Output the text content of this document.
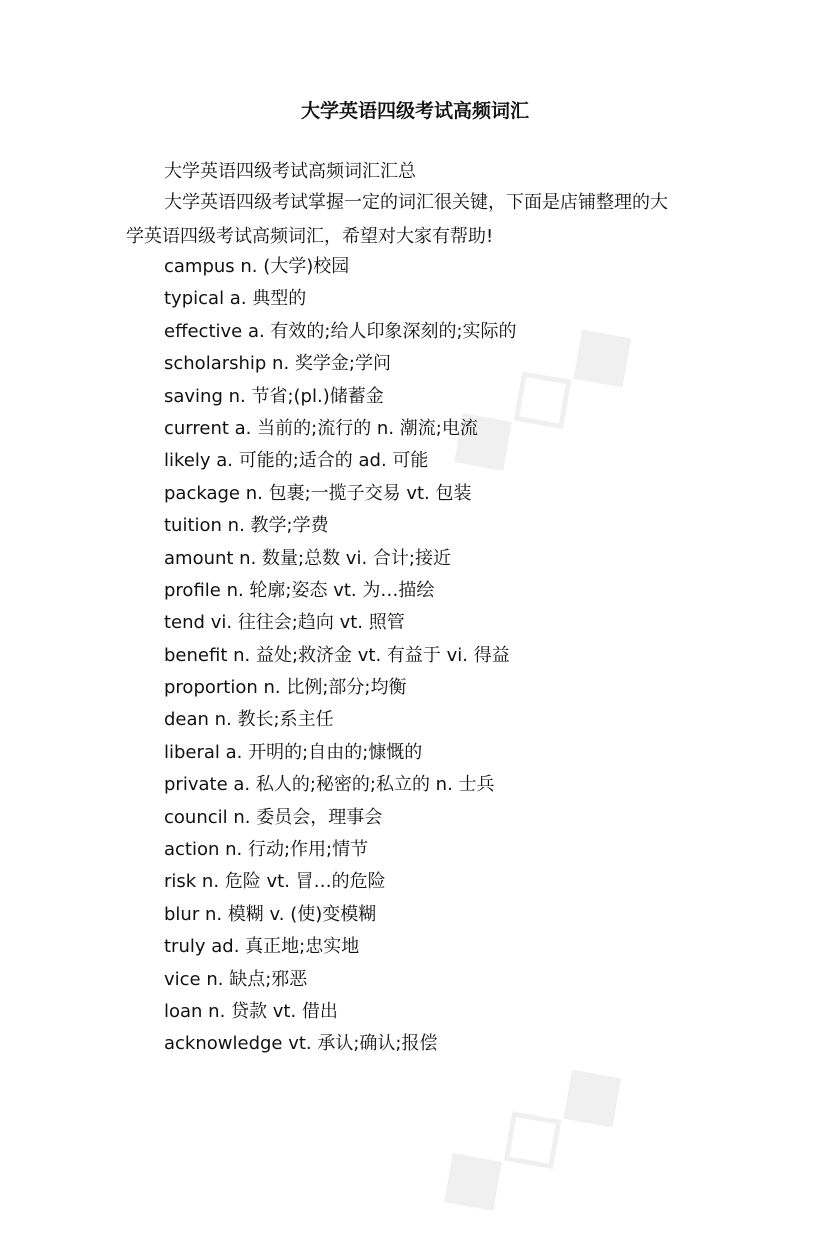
◆◇◆
◆◇◆
大学英语四级考试高频词汇
大学英语四级考试高频词汇汇总
大学英语四级考试掌握一定的词汇很关键，下面是店铺整理的大
学英语四级考试高频词汇，希望对大家有帮助!
campus n. (大学)校园
typical a. 典型的
effective a. 有效的;给人印象深刻的;实际的
scholarship n. 奖学金;学问
saving n. 节省;(pl.)储蓄金
current a. 当前的;流行的 n. 潮流;电流
likely a. 可能的;适合的 ad. 可能
package n. 包裹;一揽子交易 vt. 包装
tuition n. 教学;学费
amount n. 数量;总数 vi. 合计;接近
profile n. 轮廓;姿态 vt. 为…描绘
tend vi. 往往会;趋向 vt. 照管
benefit n. 益处;救济金 vt. 有益于 vi. 得益
proportion n. 比例;部分;均衡
dean n. 教长;系主任
liberal a. 开明的;自由的;慷慨的
private a. 私人的;秘密的;私立的 n. 士兵
council n. 委员会，理事会
action n. 行动;作用;情节
risk n. 危险 vt. 冒…的危险
blur n. 模糊 v. (使)变模糊
truly ad. 真正地;忠实地
vice n. 缺点;邪恶
loan n. 贷款 vt. 借出
acknowledge vt. 承认;确认;报偿
